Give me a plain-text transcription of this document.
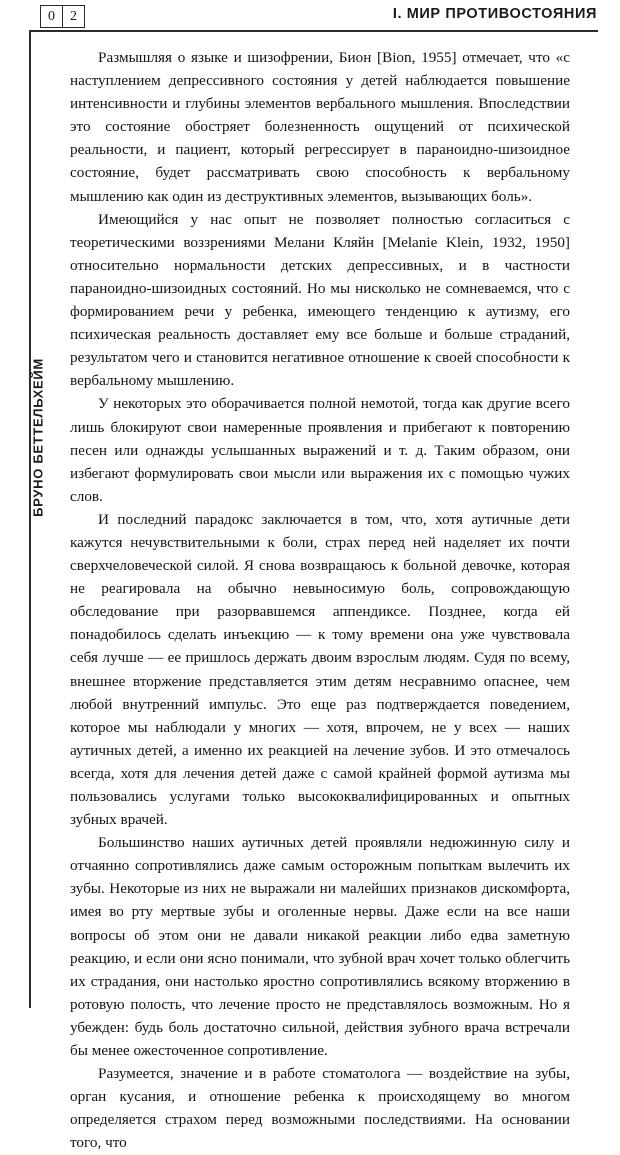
0	2	I. МИР ПРОТИВОСТОЯНИЯ
БРУНО БЕТТЕЛЬХЕЙМ

Размышляя о языке и шизофрении, Бион [Bion, 1955] отмечает, что «с наступлением депрессивного состояния у детей наблюдается повышение интенсивности и глубины элементов вербального мышления. Впоследствии это состояние обостряет болезненность ощущений от психической реальности, и пациент, который регрессирует в параноидно-шизоидное состояние, будет рассматривать свою способность к вербальному мышлению как один из деструктивных элементов, вызывающих боль».

Имеющийся у нас опыт не позволяет полностью согласиться с теоретическими воззрениями Мелани Кляйн [Melanie Klein, 1932, 1950] относительно нормальности детских депрессивных, и в частности параноидно-шизоидных состояний. Но мы нисколько не сомневаемся, что с формированием речи у ребенка, имеющего тенденцию к аутизму, его психическая реальность доставляет ему все больше и больше страданий, результатом чего и становится негативное отношение к своей способности к вербальному мышлению.

У некоторых это оборачивается полной немотой, тогда как другие всего лишь блокируют свои намеренные проявления и прибегают к повторению песен или однажды услышанных выражений и т. д. Таким образом, они избегают формулировать свои мысли или выражения их с помощью чужих слов.

И последний парадокс заключается в том, что, хотя аутичные дети кажутся нечувствительными к боли, страх перед ней наделяет их почти сверхчеловеческой силой. Я снова возвращаюсь к больной девочке, которая не реагировала на обычно невыносимую боль, сопровождающую обследование при разорвавшемся аппендиксе. Позднее, когда ей понадобилось сделать инъекцию — к тому времени она уже чувствовала себя лучше — ее пришлось держать двоим взрослым людям. Судя по всему, внешнее вторжение представляется этим детям несравнимо опаснее, чем любой внутренний импульс. Это еще раз подтверждается поведением, которое мы наблюдали у многих — хотя, впрочем, не у всех — наших аутичных детей, а именно их реакцией на лечение зубов. И это отмечалось всегда, хотя для лечения детей даже с самой крайней формой аутизма мы пользовались услугами только высококвалифицированных и опытных зубных врачей.

Большинство наших аутичных детей проявляли недюжинную силу и отчаянно сопротивлялись даже самым осторожным попыткам вылечить их зубы. Некоторые из них не выражали ни малейших признаков дискомфорта, имея во рту мертвые зубы и оголенные нервы. Даже если на все наши вопросы об этом они не давали никакой реакции либо едва заметную реакцию, и если они ясно понимали, что зубной врач хочет только облегчить их страдания, они настолько яростно сопротивлялись всякому вторжению в ротовую полость, что лечение просто не представлялось возможным. Но я убежден: будь боль достаточно сильной, действия зубного врача встречали бы менее ожесточенное сопротивление.

Разумеется, значение и в работе стоматолога — воздействие на зубы, орган кусания, и отношение ребенка к происходящему во многом определяется страхом перед возможными последствиями. На основании того, что
